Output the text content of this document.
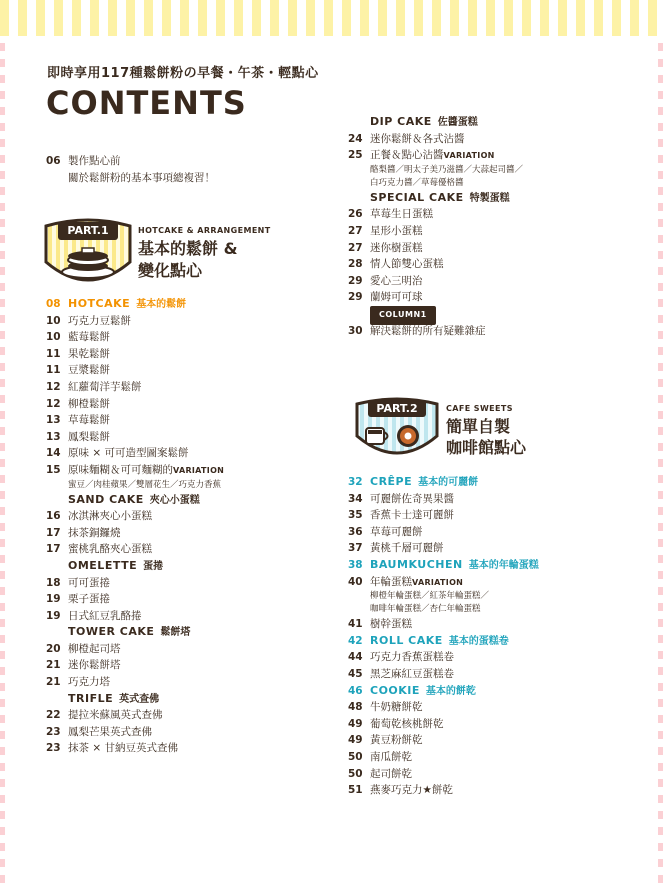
即時享用117種鬆餅粉の早餐・午茶・輕點心
CONTENTS
06 製作點心前
關於鬆餅粉的基本事項總複習！
PART.1	HOTCAKE & ARRANGEMENT
基本的鬆餅 &
變化點心
08 HOTCAKE 基本的鬆餅
10 巧克力豆鬆餅
10 藍莓鬆餅
11 果乾鬆餅
11 豆漿鬆餅
12 紅蘿蔔洋芋鬆餅
12 柳橙鬆餅
13 草莓鬆餅
13 鳳梨鬆餅
14 原味 × 可可造型圖案鬆餅
15 原味麵糊＆可可麵糊的VARIATION
蜜豆／肉桂蘋果／雙層花生／巧克力香蕉
SAND CAKE 夾心小蛋糕
16 冰淇淋夾心小蛋糕
17 抹茶銅鑼燒
17 蜜桃乳酪夾心蛋糕
OMELETTE 蛋捲
18 可可蛋捲
19 栗子蛋捲
19 日式紅豆乳酪捲
TOWER CAKE 鬆餅塔
20 柳橙起司塔
21 迷你鬆餅塔
21 巧克力塔
TRIFLE 英式查佛
22 提拉米蘇風英式查佛
23 鳳梨芒果英式查佛
23 抹茶 × 甘納豆英式查佛
DIP CAKE 佐醬蛋糕
24 迷你鬆餅＆各式沾醬
25 正餐＆點心沾醬VARIATION
酪梨醬／明太子美乃滋醬／大蒜起司醬／
白巧克力醬／草莓優格醬
SPECIAL CAKE 特製蛋糕
26 草莓生日蛋糕
27 星形小蛋糕
27 迷你樹蛋糕
28 情人節雙心蛋糕
29 愛心三明治
29 蘭姆可可球
COLUMN1
30 解決鬆餅的所有疑難雜症
PART.2	CAFE SWEETS
簡單自製
咖啡館點心
32 CRÊPE 基本的可麗餅
34 可麗餅佐奇異果醬
35 香蕉卡士達可麗餅
36 草莓可麗餅
37 黃桃千層可麗餅
38 BAUMKUCHEN 基本的年輪蛋糕
40 年輪蛋糕VARIATION
柳橙年輪蛋糕／紅茶年輪蛋糕／
咖啡年輪蛋糕／杏仁年輪蛋糕
41 樹幹蛋糕
42 ROLL CAKE 基本的蛋糕卷
44 巧克力香蕉蛋糕卷
45 黑芝麻紅豆蛋糕卷
46 COOKIE 基本的餅乾
48 牛奶糖餅乾
49 葡萄乾核桃餅乾
49 黃豆粉餅乾
50 南瓜餅乾
50 起司餅乾
51 燕麥巧克力★餅乾
